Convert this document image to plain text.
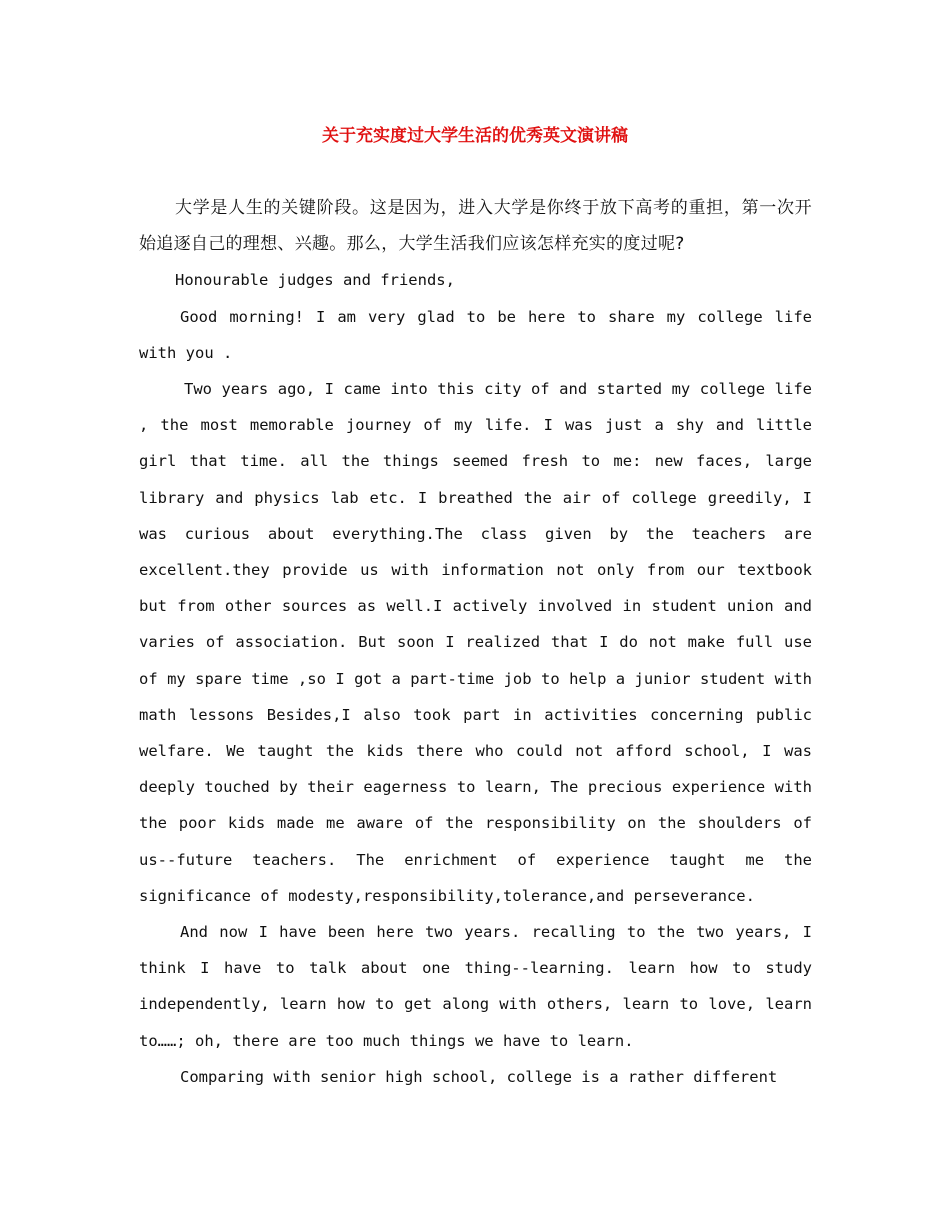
关于充实度过大学生活的优秀英文演讲稿

大学是人生的关键阶段。这是因为，进入大学是你终于放下高考的重担，第一次开始追逐自己的理想、兴趣。那么，大学生活我们应该怎样充实的度过呢?

Honourable judges and friends,

Good morning! I am very glad to be here to share my college life with you .

Two years ago, I came into this city of and started my college life , the most memorable journey of my life. I was just a shy and little girl that time. all the things seemed fresh to me: new faces, large library and physics lab etc. I breathed the air of college greedily, I was curious about everything.The class given by the teachers are excellent.they provide us with information not only from our textbook but from other sources as well.I actively involved in student union and varies of association. But soon I realized that I do not make full use of my spare time ,so I got a part-time job to help a junior student with math lessons Besides,I also took part in activities concerning public welfare. We taught the kids there who could not afford school, I was deeply touched by their eagerness to learn, The precious experience with the poor kids made me aware of the responsibility on the shoulders of us--future teachers. The enrichment of experience taught me the significance of modesty,responsibility,tolerance,and perseverance.

And now I have been here two years. recalling to the two years, I think I have to talk about one thing--learning. learn how to study independently, learn how to get along with others, learn to love, learn to……; oh, there are too much things we have to learn.

Comparing with senior high school, college is a rather different
